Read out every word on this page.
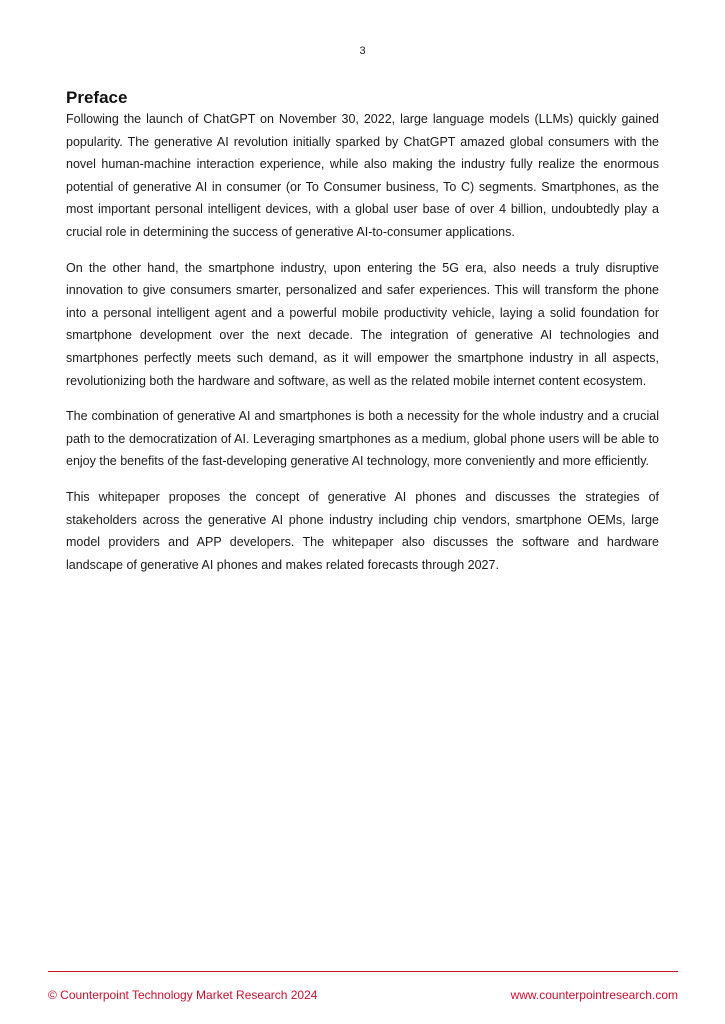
3
Preface

Following the launch of ChatGPT on November 30, 2022, large language models (LLMs) quickly gained popularity. The generative AI revolution initially sparked by ChatGPT amazed global consumers with the novel human-machine interaction experience, while also making the industry fully realize the enormous potential of generative AI in consumer (or To Consumer business, To C) segments. Smartphones, as the most important personal intelligent devices, with a global user base of over 4 billion, undoubtedly play a crucial role in determining the success of generative AI-to-consumer applications.

On the other hand, the smartphone industry, upon entering the 5G era, also needs a truly disruptive innovation to give consumers smarter, personalized and safer experiences. This will transform the phone into a personal intelligent agent and a powerful mobile productivity vehicle, laying a solid foundation for smartphone development over the next decade. The integration of generative AI technologies and smartphones perfectly meets such demand, as it will empower the smartphone industry in all aspects, revolutionizing both the hardware and software, as well as the related mobile internet content ecosystem.

The combination of generative AI and smartphones is both a necessity for the whole industry and a crucial path to the democratization of AI. Leveraging smartphones as a medium, global phone users will be able to enjoy the benefits of the fast-developing generative AI technology, more conveniently and more efficiently.

This whitepaper proposes the concept of generative AI phones and discusses the strategies of stakeholders across the generative AI phone industry including chip vendors, smartphone OEMs, large model providers and APP developers. The whitepaper also discusses the software and hardware landscape of generative AI phones and makes related forecasts through 2027.

© Counterpoint Technology Market Research 2024	www.counterpointresearch.com
